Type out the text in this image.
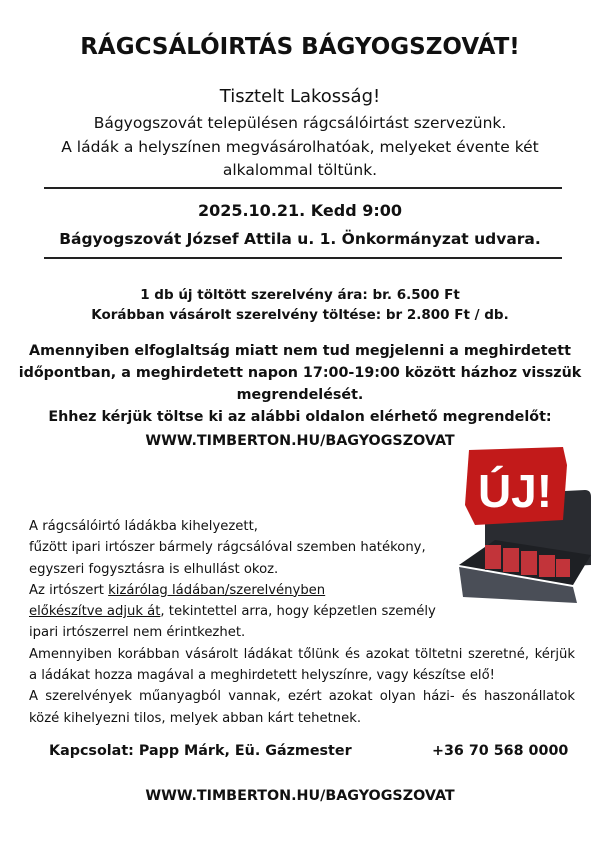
RÁGCSÁLÓIRTÁS BÁGYOGSZOVÁT!
Tisztelt Lakosság!
Bágyogszovát településen rágcsálóirtást szervezünk.
A ládák a helyszínen megvásárolhatóak, melyeket évente két
alkalommal töltünk.
2025.10.21. Kedd 9:00
Bágyogszovát József Attila u. 1. Önkormányzat udvara.
1 db új töltött szerelvény ára: br. 6.500 Ft
Korábban vásárolt szerelvény töltése: br 2.800 Ft / db.
Amennyiben elfoglaltság miatt nem tud megjelenni a meghirdetett
időpontban, a meghirdetett napon 17:00-19:00 között házhoz visszük
megrendelését.
Ehhez kérjük töltse ki az alábbi oldalon elérhető megrendelőt:
WWW.TIMBERTON.HU/BAGYOGSZOVAT
ÚJ!
A rágcsálóirtó ládákba kihelyezett,
fűzött ipari irtószer bármely rágcsálóval szemben hatékony,
egyszeri fogysztásra is elhullást okoz.
Az irtószert kizárólag ládában/szerelvényben
előkészítve adjuk át, tekintettel arra, hogy képzetlen személy
ipari irtószerrel nem érintkezhet.
Amennyiben korábban vásárolt ládákat tőlünk és azokat töltetni szeretné, kérjük
a ládákat hozza magával a meghirdetett helyszínre, vagy készítse elő!
A szerelvények műanyagból vannak, ezért azokat olyan házi- és haszonállatok
közé kihelyezni tilos, melyek abban kárt tehetnek.
Kapcsolat: Papp Márk, Eü. Gázmester	+36 70 568 0000
WWW.TIMBERTON.HU/BAGYOGSZOVAT
